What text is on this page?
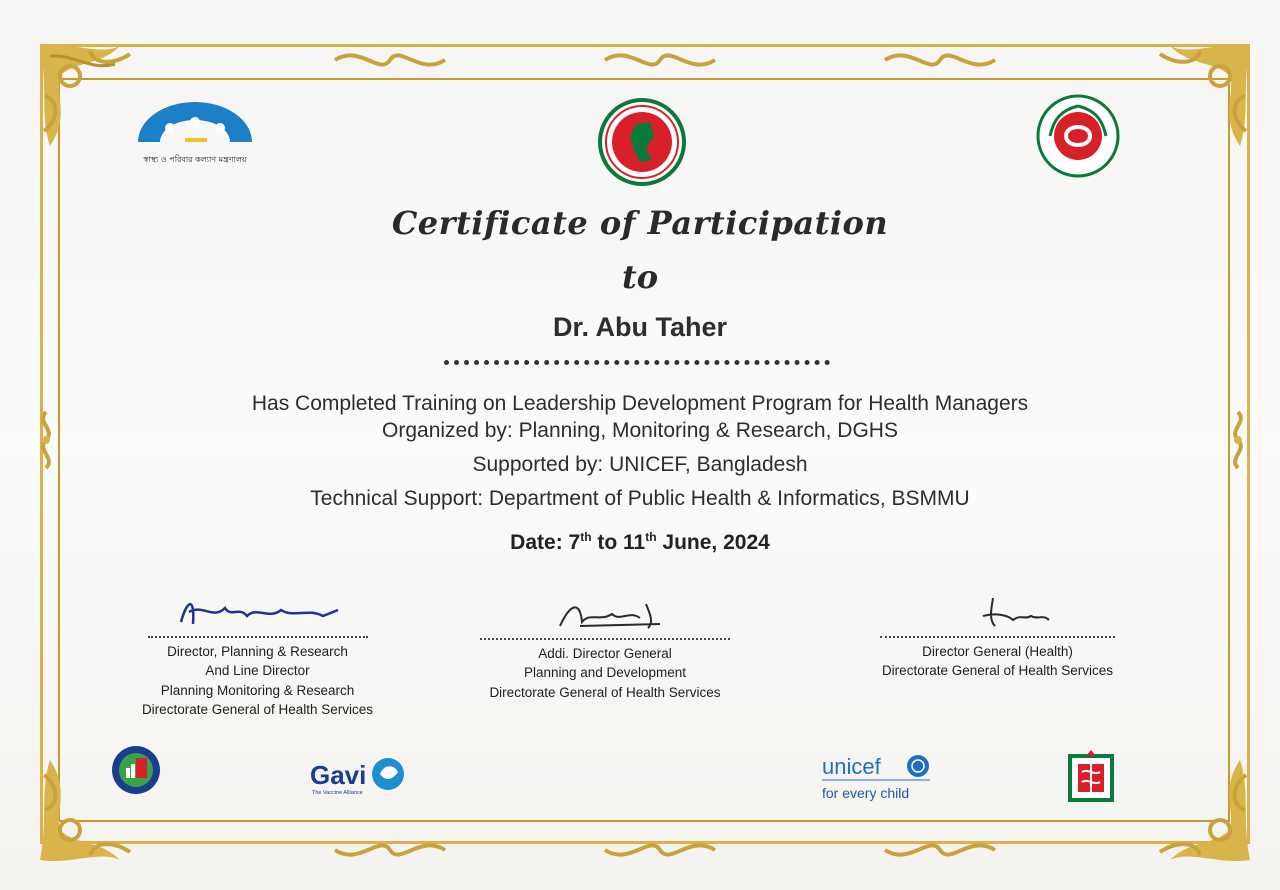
স্বাস্থ্য ও পরিবার কল্যাণ মন্ত্রণালয়
Certificate of Participation
to
Dr. Abu Taher
Has Completed Training on Leadership Development Program for Health Managers
Organized by: Planning, Monitoring & Research, DGHS
Supported by: UNICEF, Bangladesh
Technical Support: Department of Public Health & Informatics, BSMMU
Date: 7th to 11th June, 2024
Director, Planning & Research
And Line Director
Planning Monitoring & Research
Directorate General of Health Services
Addi. Director General
Planning and Development
Directorate General of Health Services
Director General (Health)
Directorate General of Health Services
Gavi
The Vaccine Alliance
unicef
for every child
